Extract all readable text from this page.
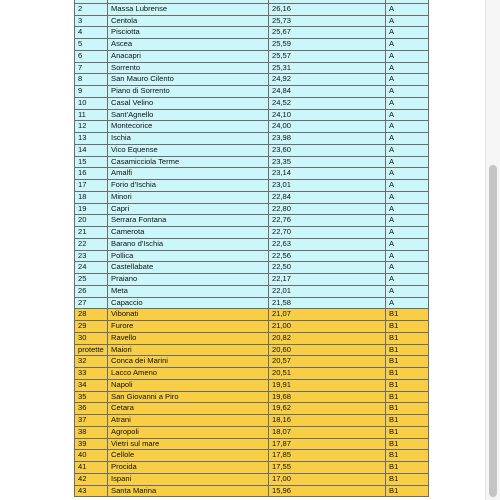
2	Massa Lubrense	26,16	A
3	Centola	25,73	A
4	Pisciotta	25,67	A
5	Ascea	25,59	A
6	Anacapri	25,57	A
7	Sorrento	25,31	A
8	San Mauro Cilento	24,92	A
9	Piano di Sorrento	24,84	A
10	Casal Velino	24,52	A
11	Sant'Agnello	24,10	A
12	Montecorice	24,00	A
13	Ischia	23,98	A
14	Vico Equense	23,60	A
15	Casamicciola Terme	23,35	A
16	Amalfi	23,14	A
17	Forio d'Ischia	23,01	A
18	Minori	22,84	A
19	Capri	22,80	A
20	Serrara Fontana	22,76	A
21	Camerota	22,70	A
22	Barano d'Ischia	22,63	A
23	Pollica	22,56	A
24	Castellabate	22,50	A
25	Praiano	22,17	A
26	Meta	22,01	A
27	Capaccio	21,58	A
28	Vibonati	21,07	B1
29	Furore	21,00	B1
30	Ravello	20,82	B1
protette	Maiori	20,60	B1
32	Conca dei Marini	20,57	B1
33	Lacco Ameno	20,51	B1
34	Napoli	19,91	B1
35	San Giovanni a Piro	19,68	B1
36	Cetara	19,62	B1
37	Atrani	18,16	B1
38	Agropoli	18,07	B1
39	Vietri sul mare	17,87	B1
40	Cellole	17,85	B1
41	Procida	17,55	B1
42	Ispani	17,00	B1
43	Santa Marina	15,96	B1
